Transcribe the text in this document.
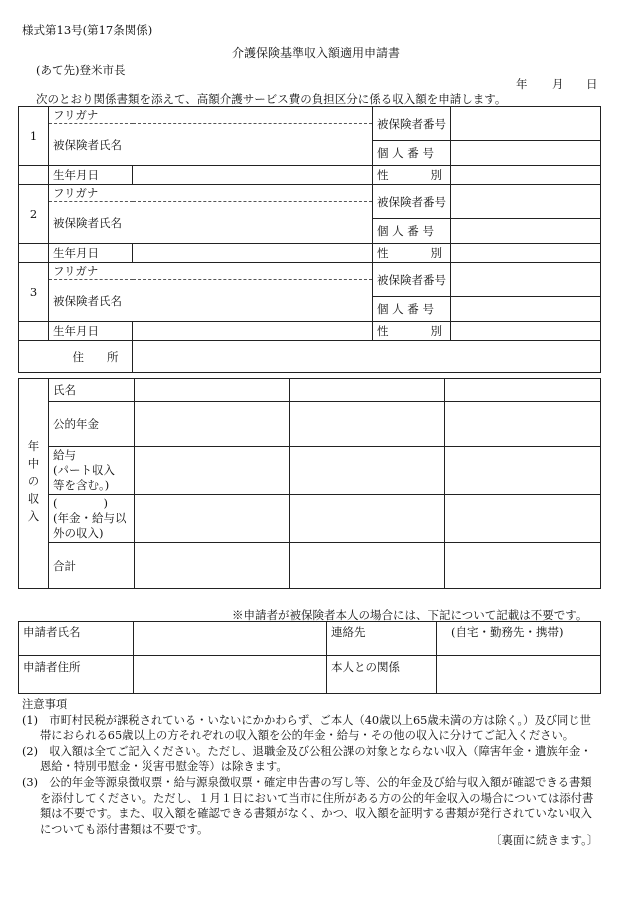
様式第13号(第17条関係)
介護保険基準収入額適用申請書
(あて先)登米市長
年 月 日
次のとおり関係書類を添えて、高額介護サービス費の負担区分に係る収入額を申請します。
1	フリガナ		被保険者番号	
	被保険者氏名			
			個 人 番 号	
	生年月日		性 別	

2	フリガナ		被保険者番号	
	被保険者氏名			
			個 人 番 号	
	生年月日		性 別	

3	フリガナ		被保険者番号	
	被保険者氏名			
			個 人 番 号	
	生年月日		性 別	

	住　　所			
年中の収入	氏名			
	公的年金			

	給与
(パート収入
等を含む。)			

	(　　　　)
(年金・給与以
外の収入)			

	合計			
※申請者が被保険者本人の場合には、下記について記載は不要です。
申請者氏名		連絡先	(自宅・勤務先・携帯)
申請者住所		本人との関係	
注意事項
(1)　市町村民税が課税されている・いないにかかわらず、ご本人（40歳以上65歳未満の方は除く。）及び同じ世帯におられる65歳以上の方それぞれの収入額を公的年金・給与・その他の収入に分けてご記入ください。
(2)　収入額は全てご記入ください。ただし、退職金及び公租公課の対象とならない収入（障害年金・遺族年金・恩給・特別弔慰金・災害弔慰金等）は除きます。
(3)　公的年金等源泉徴収票・給与源泉徴収票・確定申告書の写し等、公的年金及び給与収入額が確認できる書類を添付してください。ただし、１月１日において当市に住所がある方の公的年金収入の場合については添付書類は不要です。また、収入額を確認できる書類がなく、かつ、収入額を証明する書類が発行されていない収入についても添付書類は不要です。
〔裏面に続きます。〕
